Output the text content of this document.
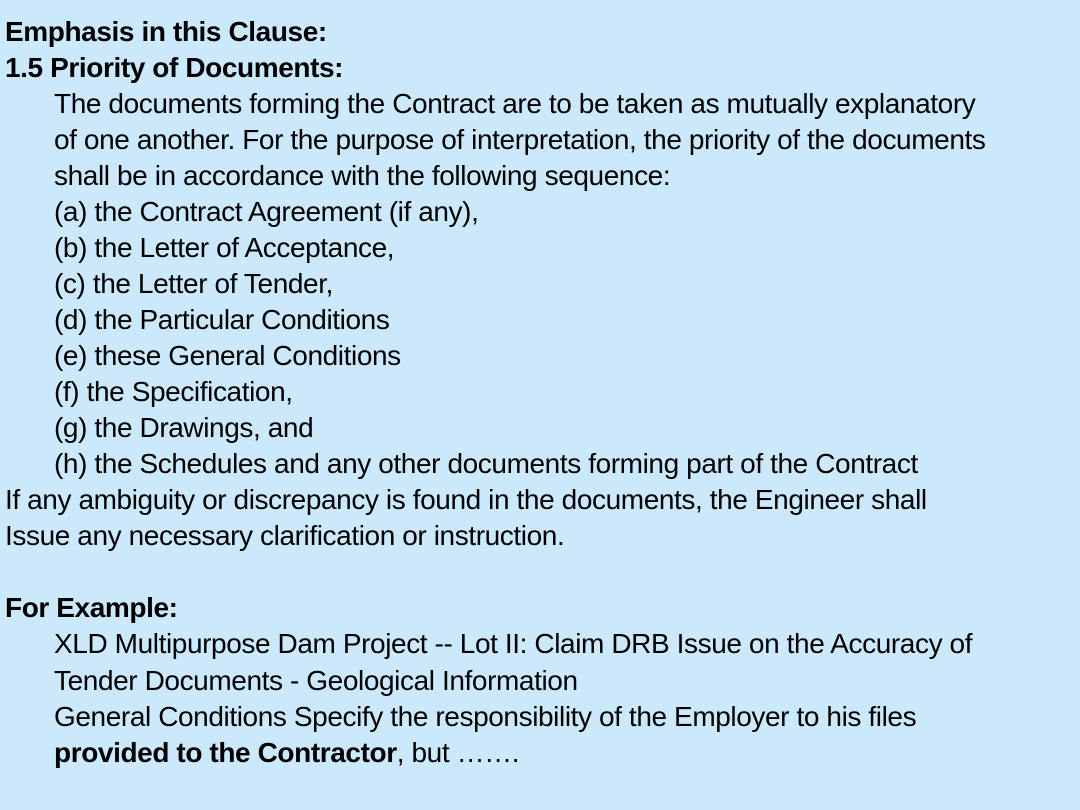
Emphasis in this Clause:
1.5 Priority of Documents:
The documents forming the Contract are to be taken as mutually explanatory
of one another. For the purpose of interpretation, the priority of the documents
shall be in accordance with the following sequence:
(a) the Contract Agreement (if any),
(b) the Letter of Acceptance,
(c) the Letter of Tender,
(d) the Particular Conditions
(e) these General Conditions
(f) the Specification,
(g) the Drawings, and
(h) the Schedules and any other documents forming part of the Contract
If any ambiguity or discrepancy is found in the documents, the Engineer shall
Issue any necessary clarification or instruction.
For Example:
XLD Multipurpose Dam Project -- Lot II: Claim DRB Issue on the Accuracy of
Tender Documents - Geological Information
General Conditions Specify the responsibility of the Employer to his files
provided to the Contractor, but …….
